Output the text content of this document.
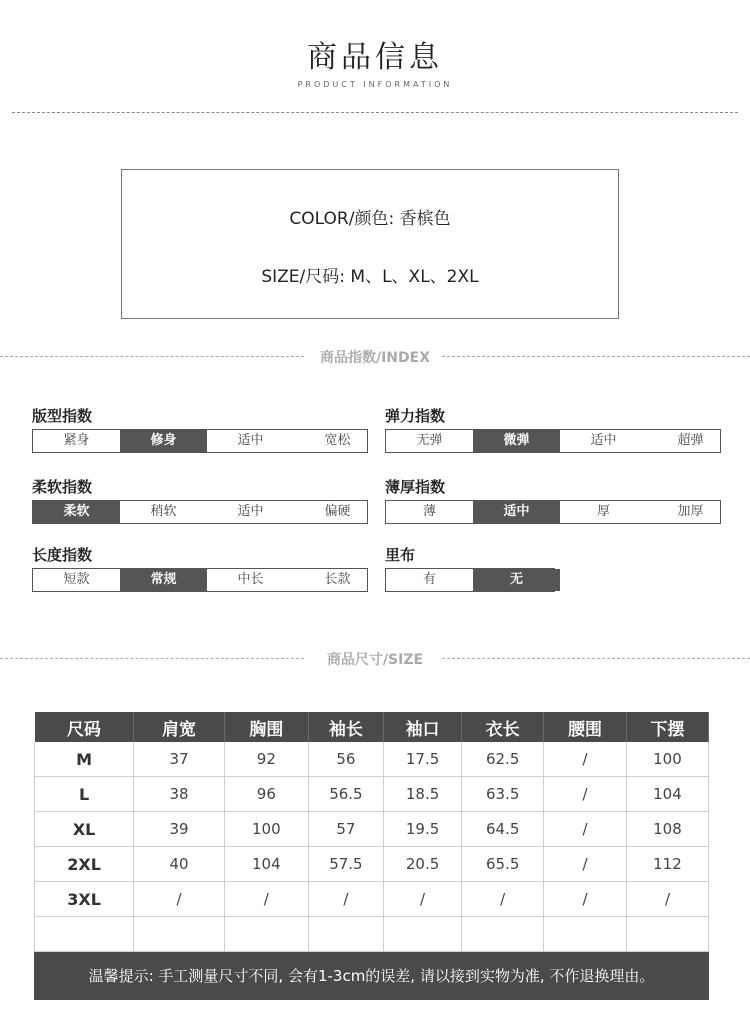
商品信息
PRODUCT INFORMATION
COLOR/颜色: 香槟色
SIZE/尺码: M、L、XL、2XL
商品指数/INDEX
版型指数
紧身	修身	适中	宽松
弹力指数
无弹	微弹	适中	超弹
柔软指数
柔软	稍软	适中	偏硬
薄厚指数
薄	适中	厚	加厚
长度指数
短款	常规	中长	长款
里布
有	无
商品尺寸/SIZE
尺码	肩宽	胸围	袖长	袖口	衣长	腰围	下摆
M	37	92	56	17.5	62.5	/	100
L	38	96	56.5	18.5	63.5	/	104
XL	39	100	57	19.5	64.5	/	108
2XL	40	104	57.5	20.5	65.5	/	112
3XL	/	/	/	/	/	/	/

温馨提示: 手工测量尺寸不同, 会有1-3cm的误差, 请以接到实物为准, 不作退换理由。
